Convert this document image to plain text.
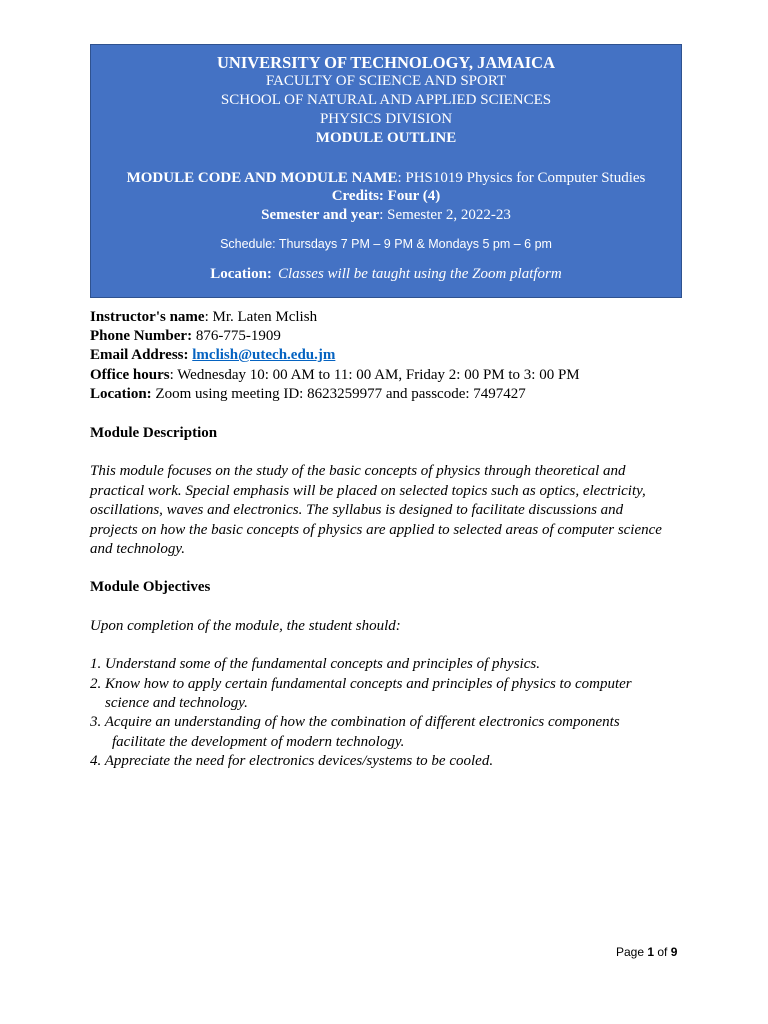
UNIVERSITY OF TECHNOLOGY, JAMAICA
FACULTY OF SCIENCE AND SPORT
SCHOOL OF NATURAL AND APPLIED SCIENCES
PHYSICS DIVISION
MODULE OUTLINE
MODULE CODE AND MODULE NAME: PHS1019 Physics for Computer Studies
Credits: Four (4)
Semester and year: Semester 2, 2022-23
Schedule: Thursdays 7 PM – 9 PM & Mondays 5 pm – 6 pm
Location: Classes will be taught using the Zoom platform
Instructor's name: Mr. Laten Mclish
Phone Number: 876-775-1909
Email Address: lmclish@utech.edu.jm
Office hours: Wednesday 10: 00 AM to 11: 00 AM, Friday 2: 00 PM to 3: 00 PM
Location: Zoom using meeting ID: 8623259977 and passcode: 7497427
Module Description
This module focuses on the study of the basic concepts of physics through theoretical and
practical work. Special emphasis will be placed on selected topics such as optics, electricity,
oscillations, waves and electronics. The syllabus is designed to facilitate discussions and
projects on how the basic concepts of physics are applied to selected areas of computer science
and technology.
Module Objectives
Upon completion of the module, the student should:
1. Understand some of the fundamental concepts and principles of physics.
2. Know how to apply certain fundamental concepts and principles of physics to computer
science and technology.
3. Acquire an understanding of how the combination of different electronics components
facilitate the development of modern technology.
4. Appreciate the need for electronics devices/systems to be cooled.
Page 1 of 9
